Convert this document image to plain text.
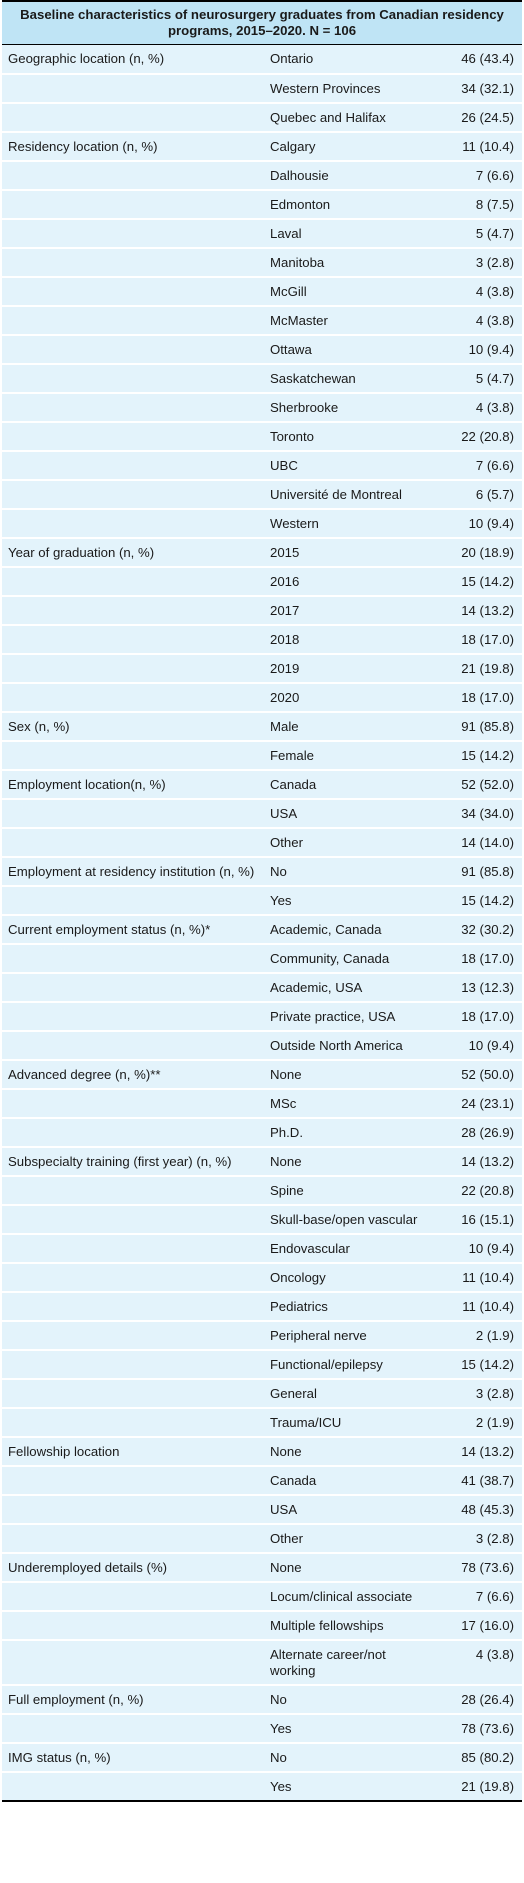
Baseline characteristics of neurosurgery graduates from Canadian residency programs, 2015–2020. N = 106		
Geographic location (n, %)	Ontario	46 (43.4)
	Western Provinces	34 (32.1)
	Quebec and Halifax	26 (24.5)
Residency location (n, %)	Calgary	11 (10.4)
	Dalhousie	7 (6.6)
	Edmonton	8 (7.5)
	Laval	5 (4.7)
	Manitoba	3 (2.8)
	McGill	4 (3.8)
	McMaster	4 (3.8)
	Ottawa	10 (9.4)
	Saskatchewan	5 (4.7)
	Sherbrooke	4 (3.8)
	Toronto	22 (20.8)
	UBC	7 (6.6)
	Université de Montreal	6 (5.7)
	Western	10 (9.4)
Year of graduation (n, %)	2015	20 (18.9)
	2016	15 (14.2)
	2017	14 (13.2)
	2018	18 (17.0)
	2019	21 (19.8)
	2020	18 (17.0)
Sex (n, %)	Male	91 (85.8)
	Female	15 (14.2)
Employment location(n, %)	Canada	52 (52.0)
	USA	34 (34.0)
	Other	14 (14.0)
Employment at residency institution (n, %)	No	91 (85.8)
	Yes	15 (14.2)
Current employment status (n, %)*	Academic, Canada	32 (30.2)
	Community, Canada	18 (17.0)
	Academic, USA	13 (12.3)
	Private practice, USA	18 (17.0)
	Outside North America	10 (9.4)
Advanced degree (n, %)**	None	52 (50.0)
	MSc	24 (23.1)
	Ph.D.	28 (26.9)
Subspecialty training (first year) (n, %)	None	14 (13.2)
	Spine	22 (20.8)
	Skull-base/open vascular	16 (15.1)
	Endovascular	10 (9.4)
	Oncology	11 (10.4)
	Pediatrics	11 (10.4)
	Peripheral nerve	2 (1.9)
	Functional/epilepsy	15 (14.2)
	General	3 (2.8)
	Trauma/ICU	2 (1.9)
Fellowship location	None	14 (13.2)
	Canada	41 (38.7)
	USA	48 (45.3)
	Other	3 (2.8)
Underemployed details (%)	None	78 (73.6)
	Locum/clinical associate	7 (6.6)
	Multiple fellowships	17 (16.0)
	Alternate career/not working	4 (3.8)
Full employment (n, %)	No	28 (26.4)
	Yes	78 (73.6)
IMG status (n, %)	No	85 (80.2)
	Yes	21 (19.8)
